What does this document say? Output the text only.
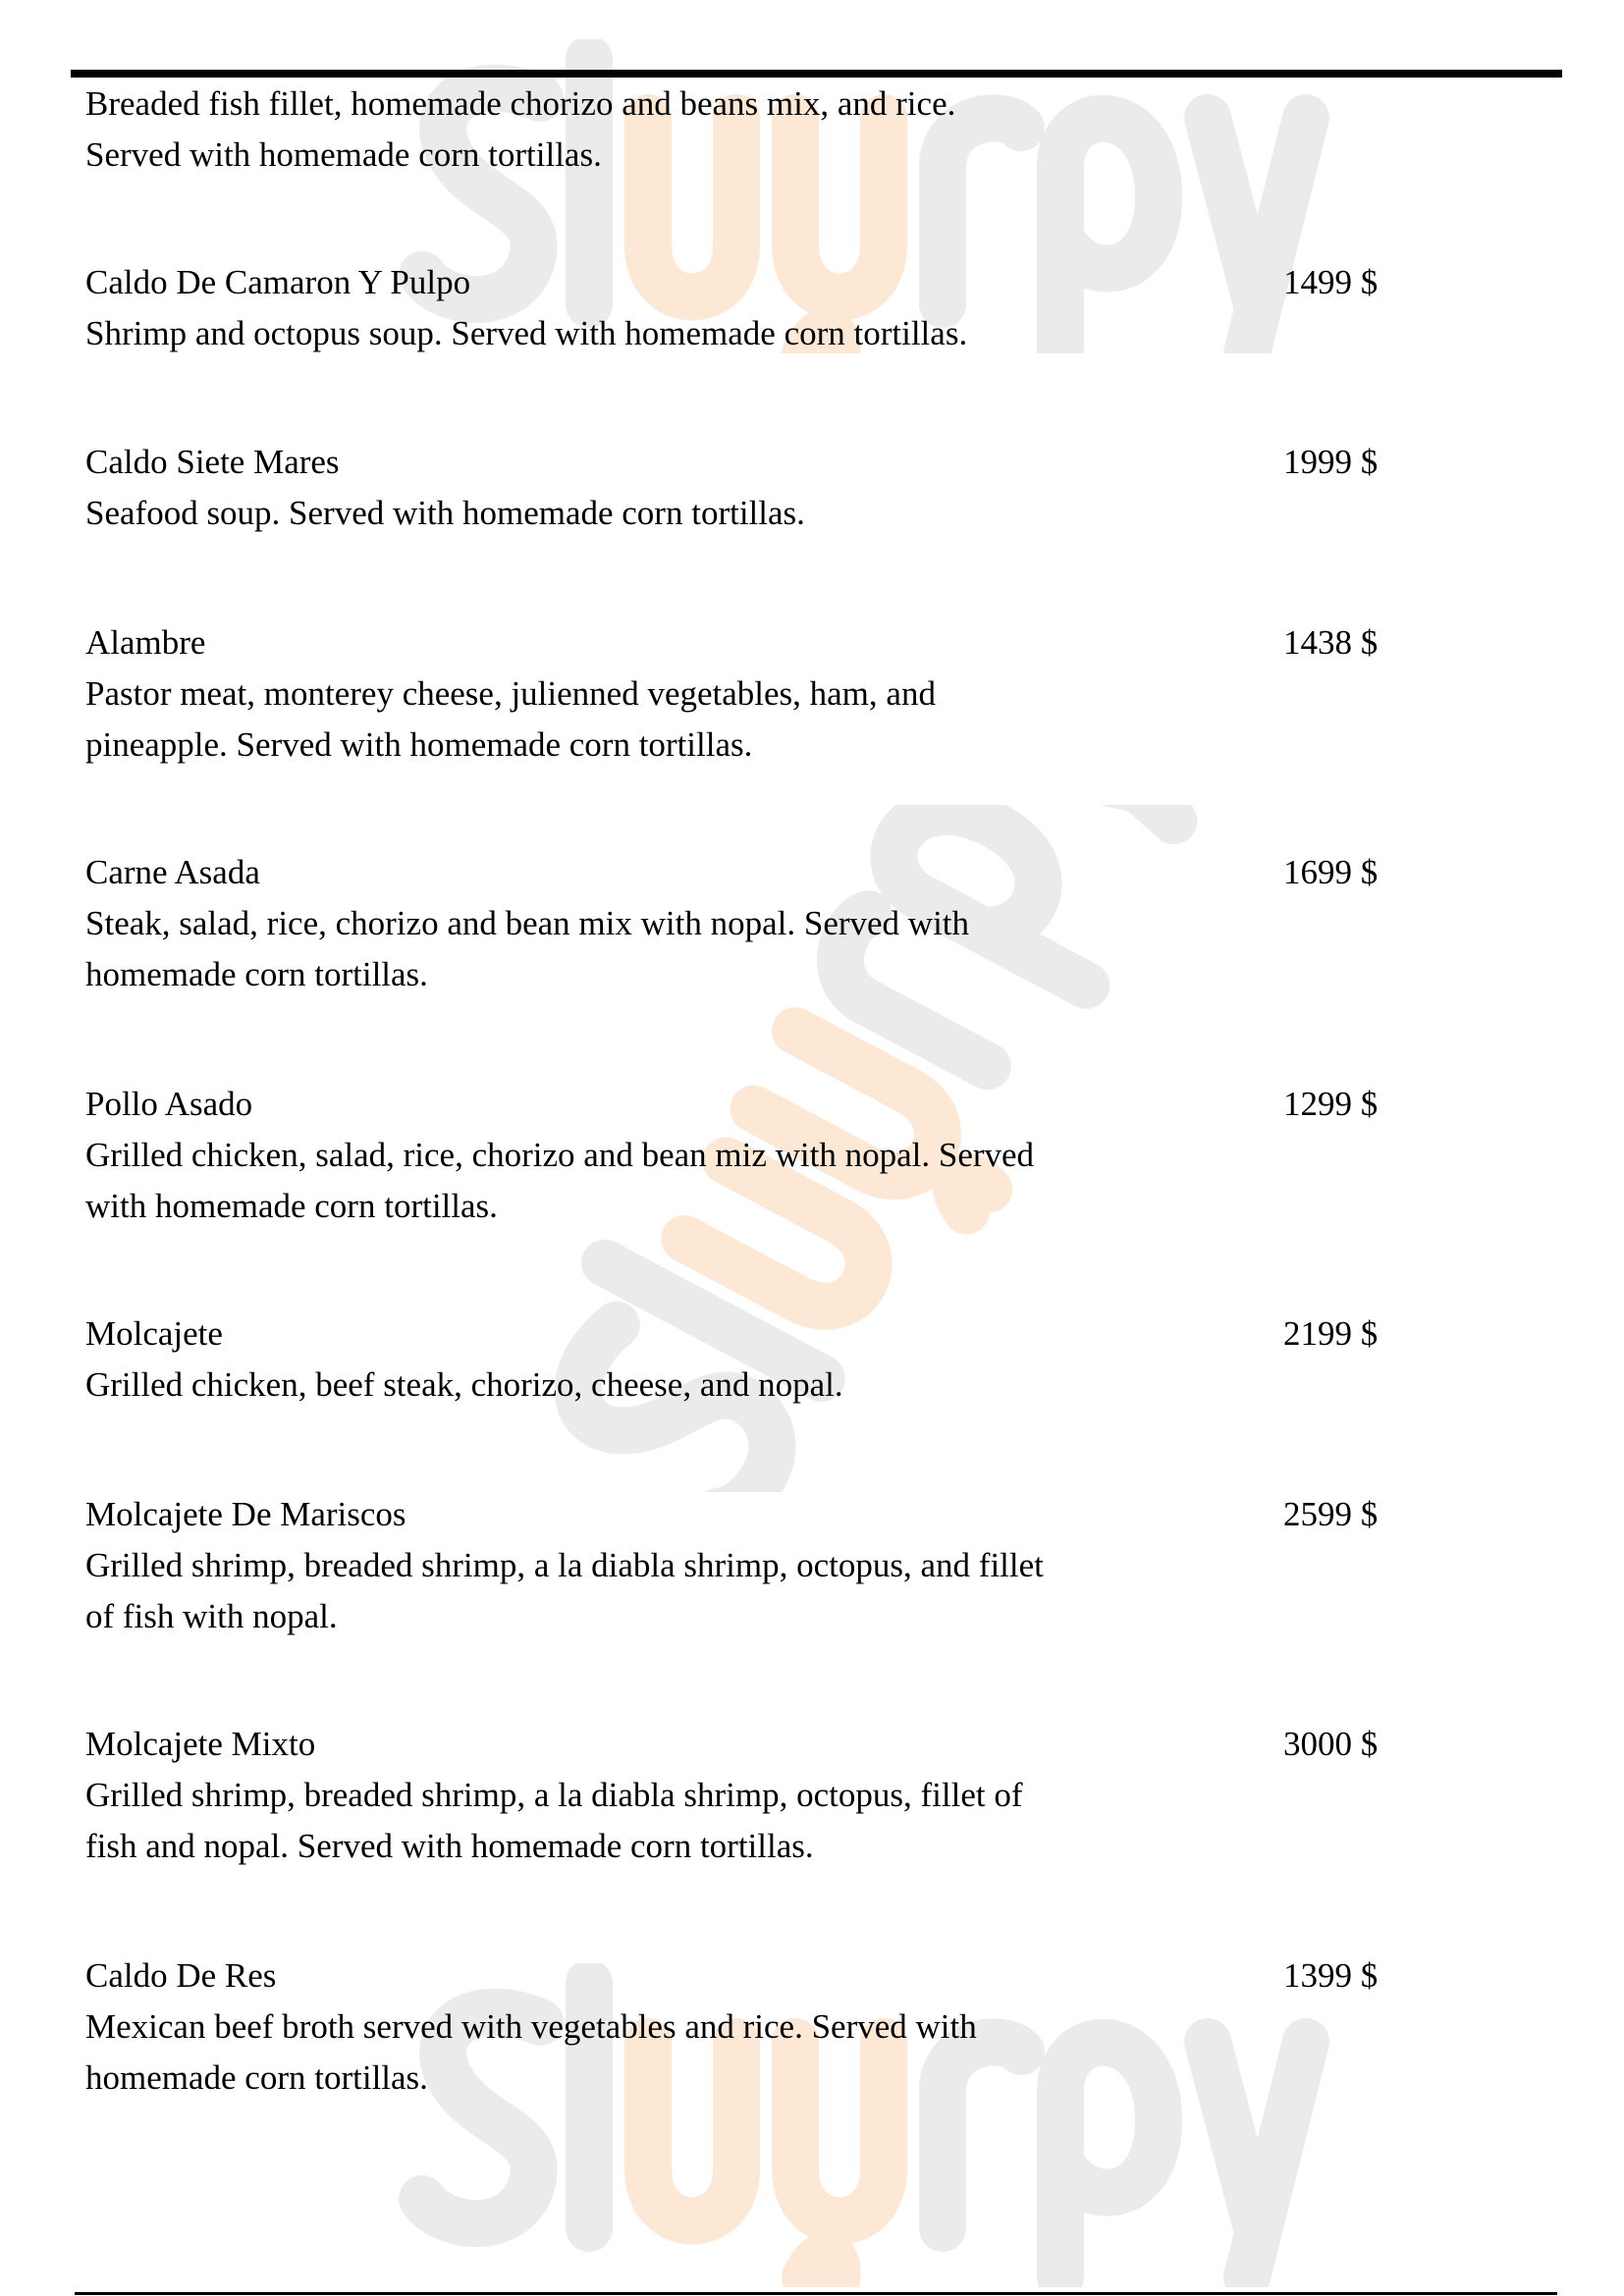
Breaded fish fillet, homemade chorizo and beans mix, and rice.
Served with homemade corn tortillas.
Caldo De Camaron Y Pulpo	1499 $
Shrimp and octopus soup. Served with homemade corn tortillas.
Caldo Siete Mares	1999 $
Seafood soup. Served with homemade corn tortillas.
Alambre	1438 $
Pastor meat, monterey cheese, julienned vegetables, ham, and
pineapple. Served with homemade corn tortillas.
Carne Asada	1699 $
Steak, salad, rice, chorizo and bean mix with nopal. Served with
homemade corn tortillas.
Pollo Asado	1299 $
Grilled chicken, salad, rice, chorizo and bean miz with nopal. Served
with homemade corn tortillas.
Molcajete	2199 $
Grilled chicken, beef steak, chorizo, cheese, and nopal.
Molcajete De Mariscos	2599 $
Grilled shrimp, breaded shrimp, a la diabla shrimp, octopus, and fillet
of fish with nopal.
Molcajete Mixto	3000 $
Grilled shrimp, breaded shrimp, a la diabla shrimp, octopus, fillet of
fish and nopal. Served with homemade corn tortillas.
Caldo De Res	1399 $
Mexican beef broth served with vegetables and rice. Served with
homemade corn tortillas.
